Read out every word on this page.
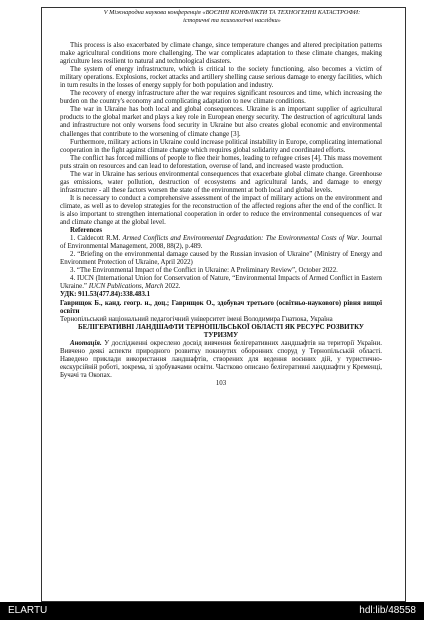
V Міжнародна наукова конференція «ВОЄННІ КОНФЛІКТИ ТА ТЕХНОГЕННІ КАТАСТРОФИ:
історичні та психологічні наслідки»

This process is also exacerbated by climate change, since temperature changes and altered precipitation patterns make agricultural conditions more challenging. The war complicates adaptation to these climate changes, making agriculture less resilient to natural and technological disasters.

The system of energy infrastructure, which is critical to the society functioning, also becomes a victim of military operations. Explosions, rocket attacks and artillery shelling cause serious damage to energy facilities, which in turn results in the losses of energy supply for both population and industry.

The recovery of energy infrastructure after the war requires significant resources and time, which increasing the burden on the country's economy and complicating adaptation to new climate conditions.

The war in Ukraine has both local and global consequences. Ukraine is an important supplier of agricultural products to the global market and plays a key role in European energy security. The destruction of agricultural lands and infrastructure not only worsens food security in Ukraine but also creates global economic and environmental challenges that contribute to the worsening of climate change [3].

Furthermore, military actions in Ukraine could increase political instability in Europe, complicating international cooperation in the fight against climate change which requires global solidarity and coordinated efforts.

The conflict has forced millions of people to flee their homes, leading to refugee crises [4]. This mass movement puts strain on resources and can lead to deforestation, overuse of land, and increased waste production.

The war in Ukraine has serious environmental consequences that exacerbate global climate change. Greenhouse gas emissions, water pollution, destruction of ecosystems and agricultural lands, and damage to energy infrastructure - all these factors worsen the state of the environment at both local and global levels.

It is necessary to conduct a comprehensive assessment of the impact of military actions on the environment and climate, as well as to develop strategies for the reconstruction of the affected regions after the end of the conflict. It is also important to strengthen international cooperation in order to reduce the environmental consequences of war and climate change at the global level.

References

1. Caldecott R.M. Armed Conflicts and Environmental Degradation: The Environmental Costs of War. Journal of Environmental Management, 2008, 88(2), p.489.

2. “Briefing on the environmental damage caused by the Russian invasion of Ukraine” (Ministry of Energy and Environment Protection of Ukraine, April 2022)

3. “The Environmental Impact of the Conflict in Ukraine: A Preliminary Review”, October 2022.

4. IUCN (International Union for Conservation of Nature, “Environmental Impacts of Armed Conflict in Eastern Ukraine.” IUCN Publications, March 2022.

УДК: 911.53(477.84):338.483.1

Гаврищок Б., канд. геогр. н., доц.; Гаврищок О., здобувач третього (освітньо-наукового) рівня вищої освіти

Тернопільський національний педагогічний університет імені Володимира Гнатюка, Україна

БЕЛІГЕРАТИВНІ ЛАНДШАФТИ ТЕРНОПІЛЬСЬКОЇ ОБЛАСТІ ЯК РЕСУРС РОЗВИТКУ ТУРИЗМУ

Анотація. У дослідженні окреслено досвід вивчення белігеративних ландшафтів на території України. Вивчено деякі аспекти природного розвитку покинутих оборонних споруд у Тернопільській області. Наведено приклади використання ландшафтів, створених для ведення воєнних дій, у туристично-екскурсійній роботі, зокрема, зі здобувачами освіти. Частково описано белігеративні ландшафти у Кременці, Бучачі та Окопах.

103

ELARTU	hdl:lib/48558
